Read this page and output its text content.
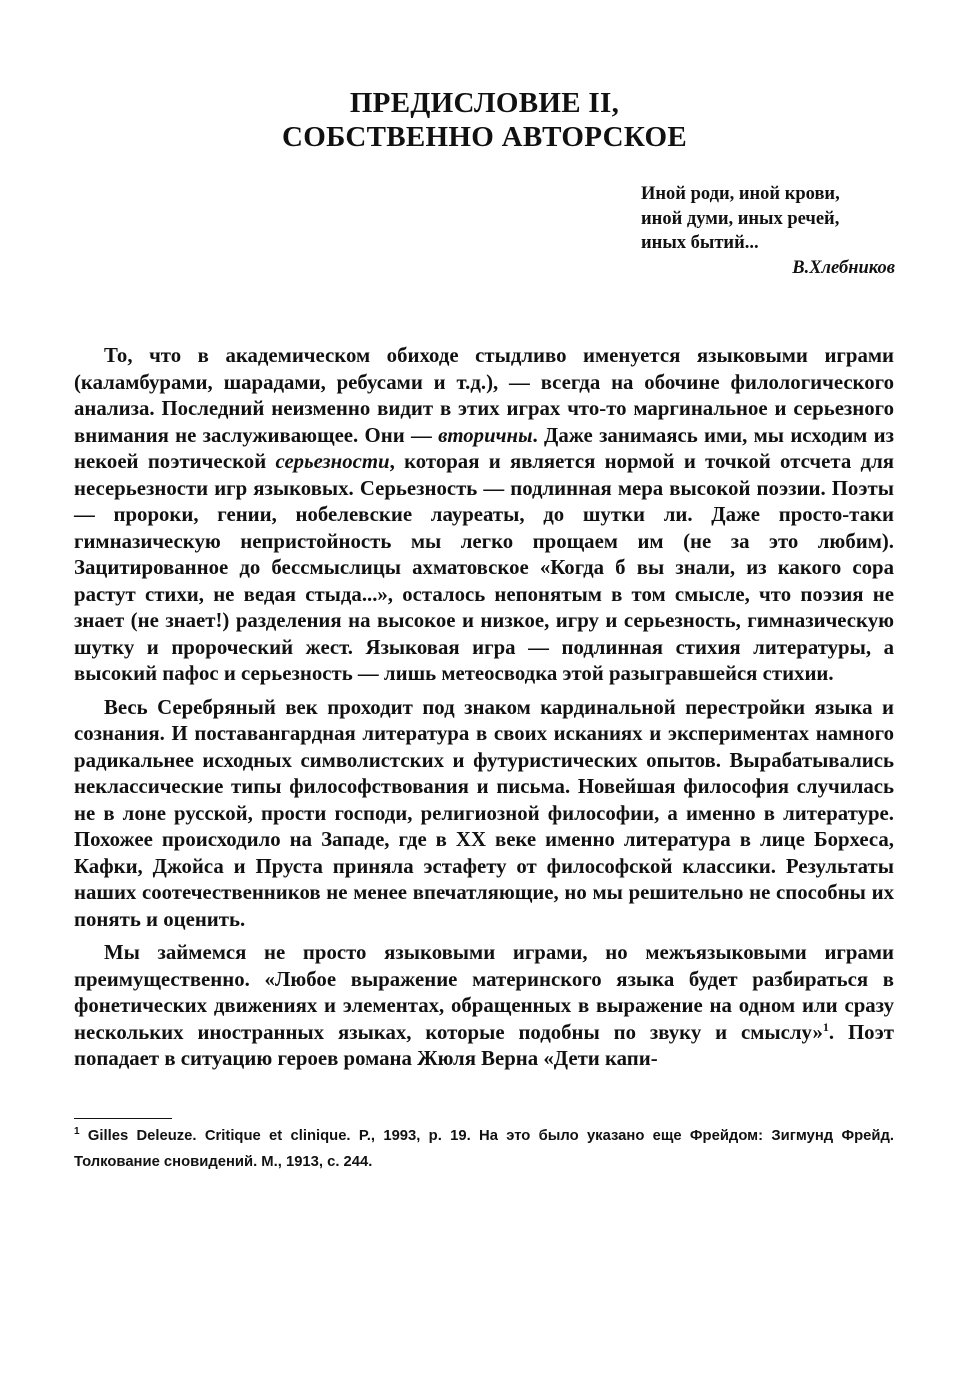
ПРЕДИСЛОВИЕ II,
СОБСТВЕННО АВТОРСКОЕ
Иной роди, иной крови,
иной думи, иных речей,
иных бытий...
В.Хлебников

То, что в академическом обиходе стыдливо именуется языковыми играми (каламбурами, шарадами, ребусами и т.д.), — всегда на обочине филологического анализа. Последний неизменно видит в этих играх что-то маргинальное и серьезного внимания не заслуживающее. Они — вторичны. Даже занимаясь ими, мы исходим из некоей поэтической серьезности, которая и является нормой и точкой отсчета для несерьезности игр языковых. Серьезность — подлинная мера высокой поэзии. Поэты — пророки, гении, нобелевские лауреаты, до шутки ли. Даже просто-таки гимназическую непристойность мы легко прощаем им (не за это любим). Зацитированное до бессмыслицы ахматовское «Когда б вы знали, из какого сора растут стихи, не ведая стыда...», осталось непонятым в том смысле, что поэзия не знает (не знает!) разделения на высокое и низкое, игру и серьезность, гимназическую шутку и пророческий жест. Языковая игра — подлинная стихия литературы, а высокий пафос и серьезность — лишь метеосводка этой разыгравшейся стихии.

Весь Серебряный век проходит под знаком кардинальной перестройки языка и сознания. И поставангардная литература в своих исканиях и экспериментах намного радикальнее исходных символистских и футуристических опытов. Вырабатывались неклассические типы философствования и письма. Новейшая философия случилась не в лоне русской, прости господи, религиозной философии, а именно в литературе. Похожее происходило на Западе, где в XX веке именно литература в лице Борхеса, Кафки, Джойса и Пруста приняла эстафету от философской классики. Результаты наших соотечественников не менее впечатляющие, но мы решительно не способны их понять и оценить.

Мы займемся не просто языковыми играми, но межъязыковыми играми преимущественно. «Любое выражение материнского языка будет разбираться в фонетических движениях и элементах, обращенных в выражение на одном или сразу нескольких иностранных языках, которые подобны по звуку и смыслу»$^1$. Поэт попадает в ситуацию героев романа Жюля Верна «Дети капи-

$^1$ Gilles Deleuze. Critique et clinique. P., 1993, p. 19. На это было указано еще Фрейдом: Зигмунд Фрейд. Толкование сновидений. М., 1913, с. 244.
